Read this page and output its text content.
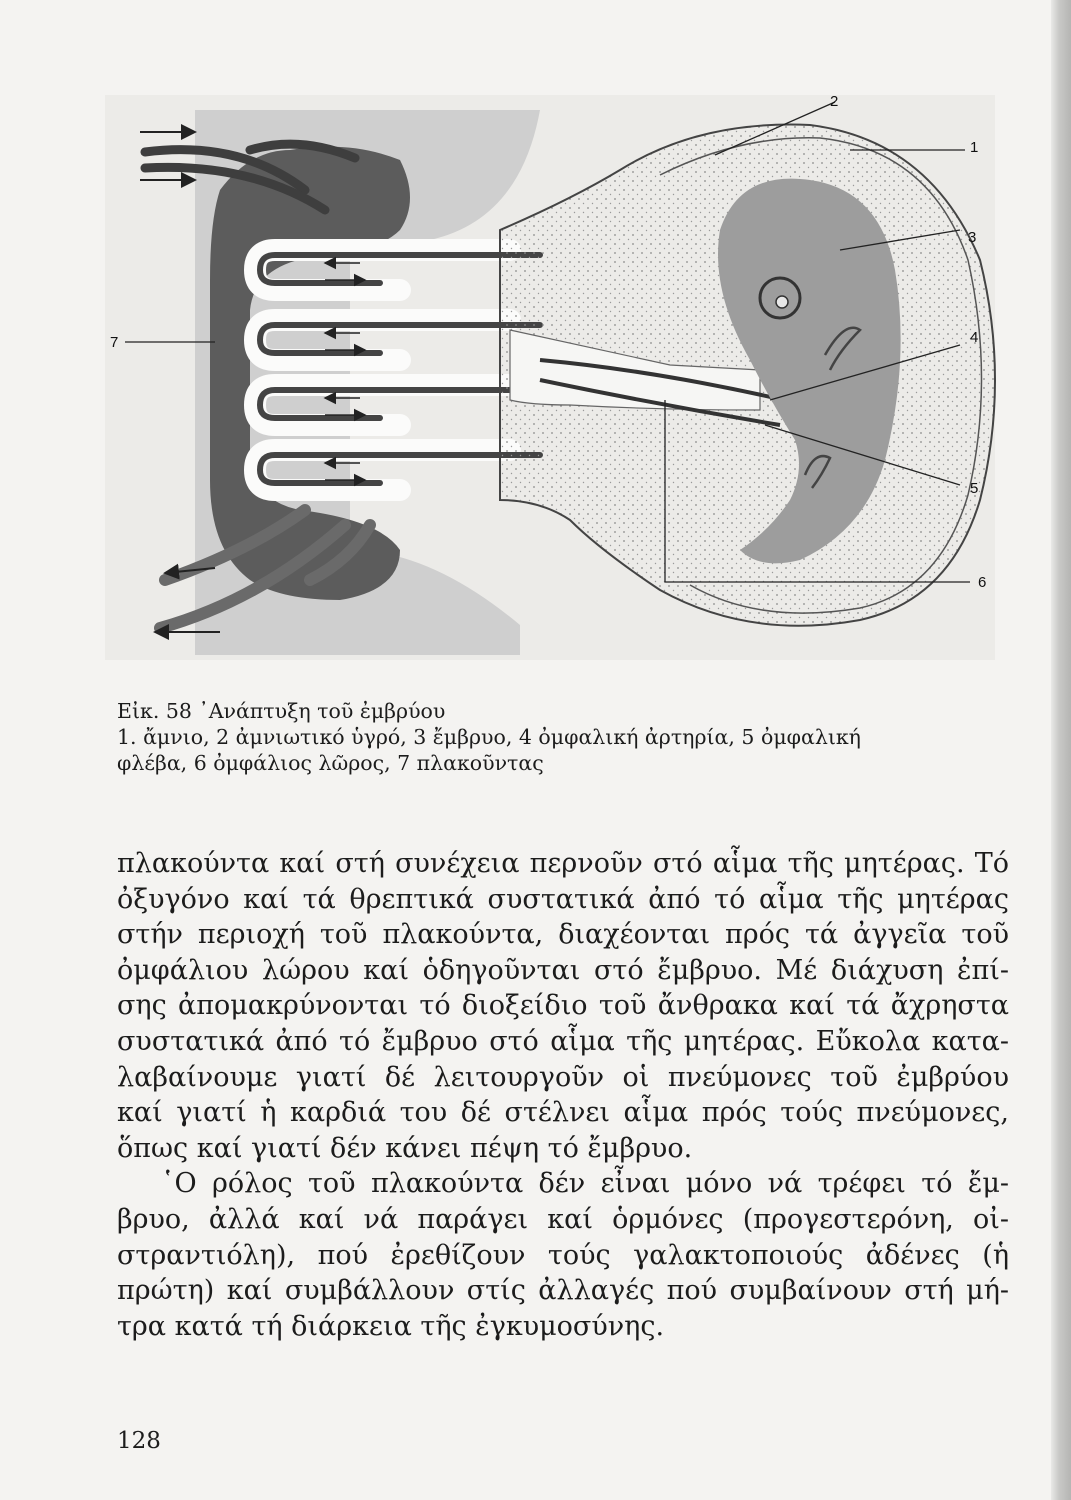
2
1
3
4
5
6
7
Εἰκ. 58 ᾽Ανάπτυξη τοῦ ἐμβρύου
1. ἄμνιο, 2 ἀμνιωτικό ὑγρό, 3 ἔμβρυο, 4 ὀμφαλική ἀρτηρία, 5 ὀμφαλική
φλέβα, 6 ὀμφάλιος λῶρος, 7 πλακοῦντας
πλακούντα καί στή συνέχεια περνοῦν στό αἷμα τῆς μητέρας. Τό
ὀξυγόνο καί τά θρεπτικά συστατικά ἀπό τό αἷμα τῆς μητέρας
στήν περιοχή τοῦ πλακούντα, διαχέονται πρός τά ἀγγεῖα τοῦ
ὀμφάλιου λώρου καί ὁδηγοῦνται στό ἔμβρυο. Μέ διάχυση ἐπί-
σης ἀπομακρύνονται τό διοξείδιο τοῦ ἄνθρακα καί τά ἄχρηστα
συστατικά ἀπό τό ἔμβρυο στό αἷμα τῆς μητέρας. Εὔκολα κατα-
λαβαίνουμε γιατί δέ λειτουργοῦν οἱ πνεύμονες τοῦ ἐμβρύου
καί γιατί ἡ καρδιά του δέ στέλνει αἷμα πρός τούς πνεύμονες,
ὅπως καί γιατί δέν κάνει πέψη τό ἔμβρυο.
῾Ο ρόλος τοῦ πλακούντα δέν εἶναι μόνο νά τρέφει τό ἔμ-
βρυο, ἀλλά καί νά παράγει καί ὁρμόνες (προγεστερόνη, οἰ-
στραντιόλη), πού ἐρεθίζουν τούς γαλακτοποιούς ἀδένες (ἡ
πρώτη) καί συμβάλλουν στίς ἀλλαγές πού συμβαίνουν στή μή-
τρα κατά τή διάρκεια τῆς ἐγκυμοσύνης.
128
